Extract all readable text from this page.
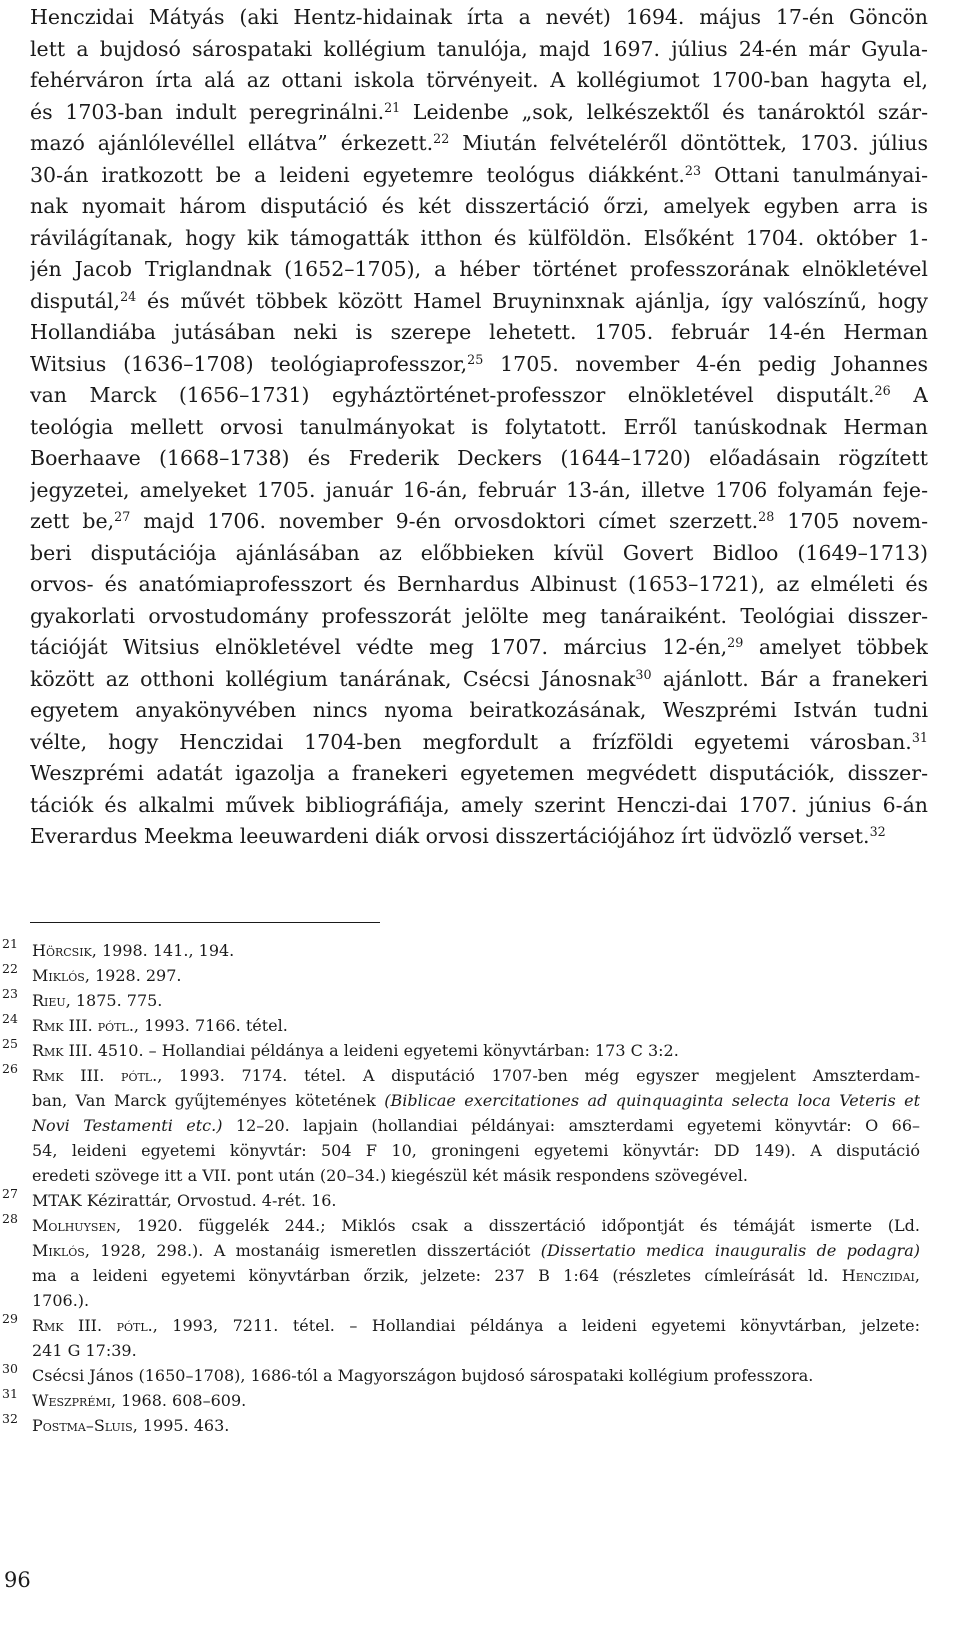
Henczidai Mátyás (aki Hentz-hidainak írta a nevét) 1694. május 17-én Göncön
lett a bujdosó sárospataki kollégium tanulója, majd 1697. július 24-én már Gyula-
fehérváron írta alá az ottani iskola törvényeit. A kollégiumot 1700-ban hagyta el,
és 1703-ban indult peregrinálni.$^{21}$ Leidenbe „sok, lelkészektől és tanároktól szár-
mazó ajánlólevéllel ellátva” érkezett.$^{22}$ Miután felvételéről döntöttek, 1703. július
30-án iratkozott be a leideni egyetemre teológus diákként.$^{23}$ Ottani tanulmányai-
nak nyomait három disputáció és két disszertáció őrzi, amelyek egyben arra is
rávilágítanak, hogy kik támogatták itthon és külföldön. Elsőként 1704. október 1-
jén Jacob Triglandnak (1652–1705), a héber történet professzorának elnökletével
disputál,$^{24}$ és művét többek között Hamel Bruyninxnak ajánlja, így valószínű, hogy
Hollandiába jutásában neki is szerepe lehetett. 1705. február 14-én Herman
Witsius (1636–1708) teológiaprofesszor,$^{25}$ 1705. november 4-én pedig Johannes
van Marck (1656–1731) egyháztörténet-professzor elnökletével disputált.$^{26}$ A
teológia mellett orvosi tanulmányokat is folytatott. Erről tanúskodnak Herman
Boerhaave (1668–1738) és Frederik Deckers (1644–1720) előadásain rögzített
jegyzetei, amelyeket 1705. január 16-án, február 13-án, illetve 1706 folyamán feje-
zett be,$^{27}$ majd 1706. november 9-én orvosdoktori címet szerzett.$^{28}$ 1705 novem-
beri disputációja ajánlásában az előbbieken kívül Govert Bidloo (1649–1713)
orvos- és anatómiaprofesszort és Bernhardus Albinust (1653–1721), az elméleti és
gyakorlati orvostudomány professzorát jelölte meg tanáraiként. Teológiai disszer-
tációját Witsius elnökletével védte meg 1707. március 12-én,$^{29}$ amelyet többek
között az otthoni kollégium tanárának, Csécsi Jánosnak$^{30}$ ajánlott. Bár a franekeri
egyetem anyakönyvében nincs nyoma beiratkozásának, Weszprémi István tudni
vélte, hogy Henczidai 1704-ben megfordult a frízföldi egyetemi városban.$^{31}$
Weszprémi adatát igazolja a franekeri egyetemen megvédett disputációk, disszer-
tációk és alkalmi művek bibliográfiája, amely szerint Henczi-dai 1707. június 6-án
Everardus Meekma leeuwardeni diák orvosi disszertációjához írt üdvözlő verset.$^{32}$
21 Hörcsik, 1998. 141., 194.
22 Miklós, 1928. 297.
23 Rieu, 1875. 775.
24 Rmk III. pótl., 1993. 7166. tétel.
25 Rmk III. 4510. – Hollandiai példánya a leideni egyetemi könyvtárban: 173 C 3:2.
26 Rmk III. pótl., 1993. 7174. tétel. A disputáció 1707-ben még egyszer megjelent Amszterdam-
ban, Van Marck gyűjteményes kötetének (Biblicae exercitationes ad quinquaginta selecta loca Veteris et
Novi Testamenti etc.) 12–20. lapjain (hollandiai példányai: amszterdami egyetemi könyvtár: O 66–
54, leideni egyetemi könyvtár: 504 F 10, groningeni egyetemi könyvtár: DD 149). A disputáció
eredeti szövege itt a VII. pont után (20–34.) kiegészül két másik respondens szövegével.
27 MTAK Kézirattár, Orvostud. 4-rét. 16.
28 Molhuysen, 1920. függelék 244.; Miklós csak a disszertáció időpontját és témáját ismerte (Ld.
Miklós, 1928, 298.). A mostanáig ismeretlen disszertációt (Dissertatio medica inauguralis de podagra)
ma a leideni egyetemi könyvtárban őrzik, jelzete: 237 B 1:64 (részletes címleírását ld. Henczidai,
1706.).
29 Rmk III. pótl., 1993, 7211. tétel. – Hollandiai példánya a leideni egyetemi könyvtárban, jelzete:
241 G 17:39.
30 Csécsi János (1650–1708), 1686-tól a Magyországon bujdosó sárospataki kollégium professzora.
31 Weszprémi, 1968. 608–609.
32 Postma–Sluis, 1995. 463.
96
